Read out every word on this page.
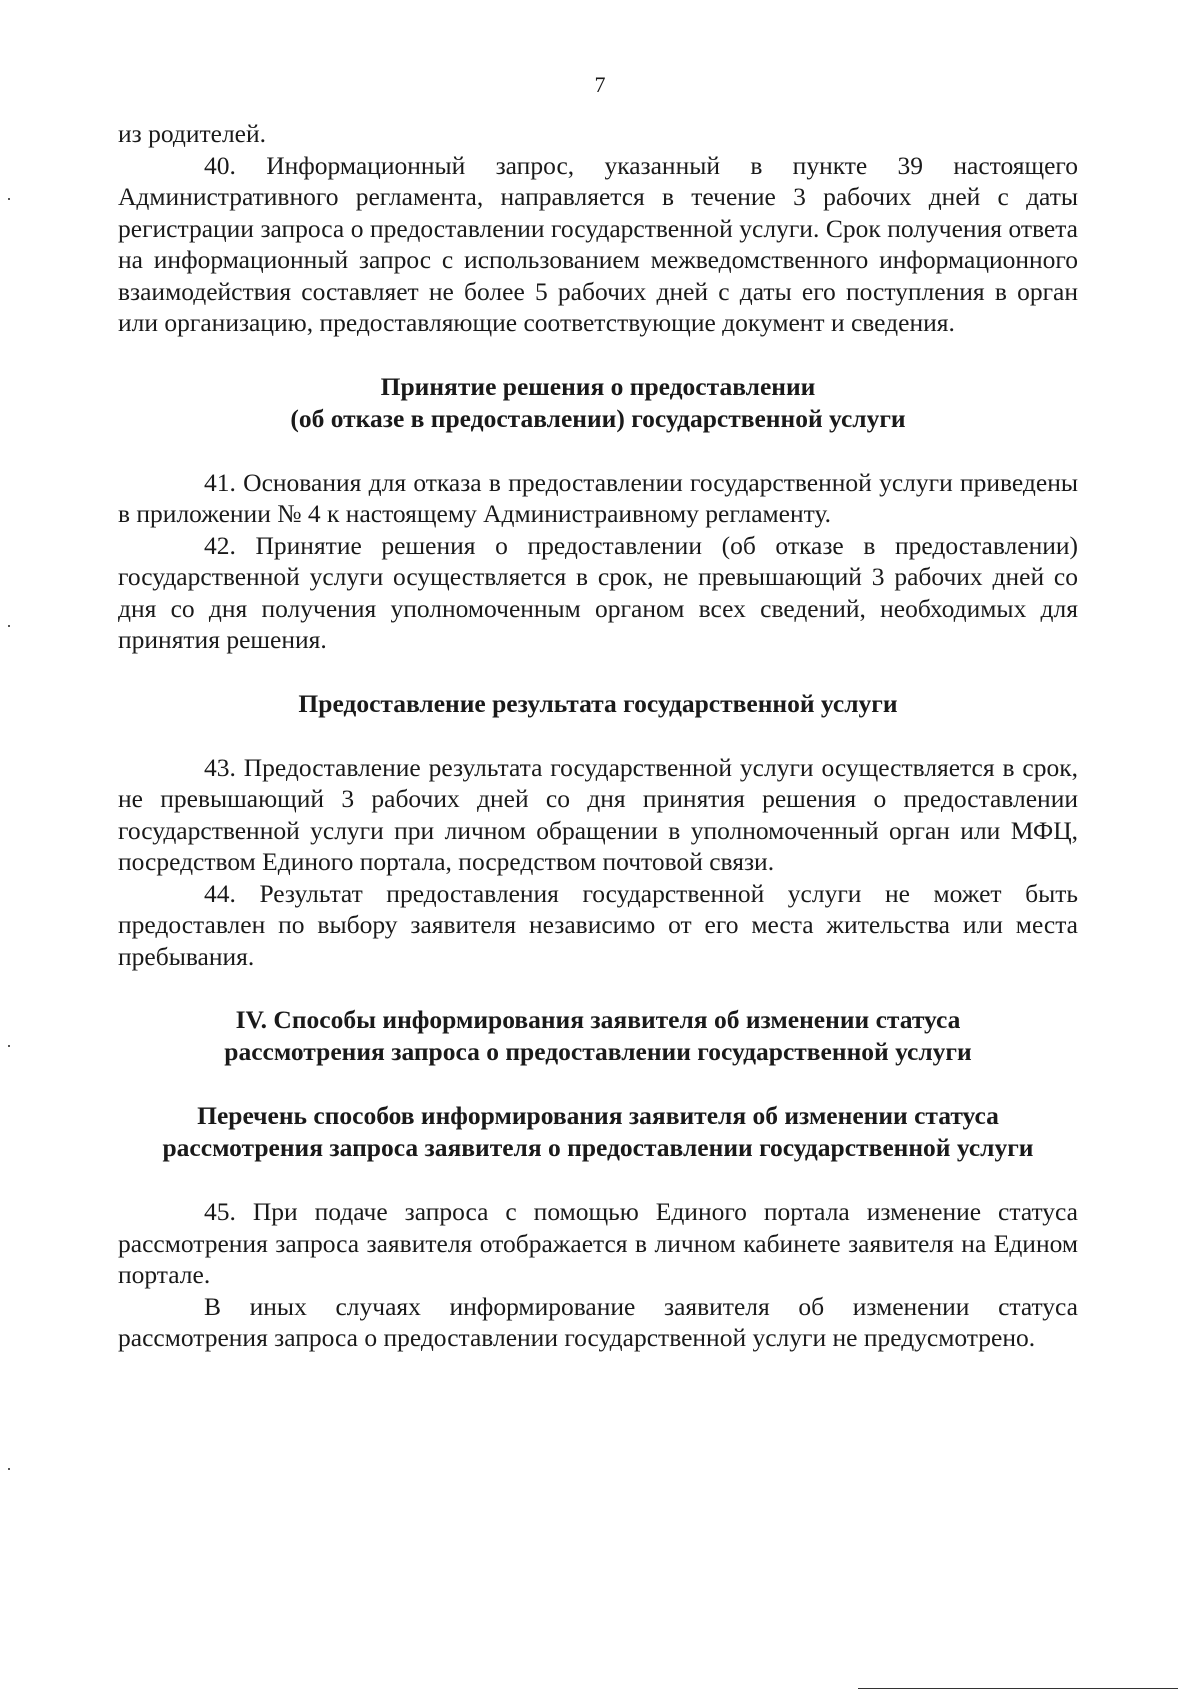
7

из родителей.

40. Информационный запрос, указанный в пункте 39 настоящего Административного регламента, направляется в течение 3 рабочих дней с даты регистрации запроса о предоставлении государственной услуги. Срок получения ответа на информационный запрос с использованием межведомственного информационного взаимодействия составляет не более 5 рабочих дней с даты его поступления в орган или организацию, предоставляющие соответствующие документ и сведения.

Принятие решения о предоставлении

(об отказе в предоставлении) государственной услуги

41. Основания для отказа в предоставлении государственной услуги приведены в приложении № 4 к настоящему Администраивному регламенту.

42. Принятие решения о предоставлении (об отказе в предоставлении) государственной услуги осуществляется в срок, не превышающий 3 рабочих дней со дня со дня получения уполномоченным органом всех сведений, необходимых для принятия решения.

Предоставление результата государственной услуги

43. Предоставление результата государственной услуги осуществляется в срок, не превышающий 3 рабочих дней со дня принятия решения о предоставлении государственной услуги при личном обращении в уполномоченный орган или МФЦ, посредством Единого портала, посредством почтовой связи.

44. Результат предоставления государственной услуги не может быть предоставлен по выбору заявителя независимо от его места жительства или места пребывания.

IV. Способы информирования заявителя об изменении статуса

рассмотрения запроса о предоставлении государственной услуги

Перечень способов информирования заявителя об изменении статуса

рассмотрения запроса заявителя о предоставлении государственной услуги

45. При подаче запроса с помощью Единого портала изменение статуса рассмотрения запроса заявителя отображается в личном кабинете заявителя на Едином портале.

В иных случаях информирование заявителя об изменении статуса рассмотрения запроса о предоставлении государственной услуги не предусмотрено.
